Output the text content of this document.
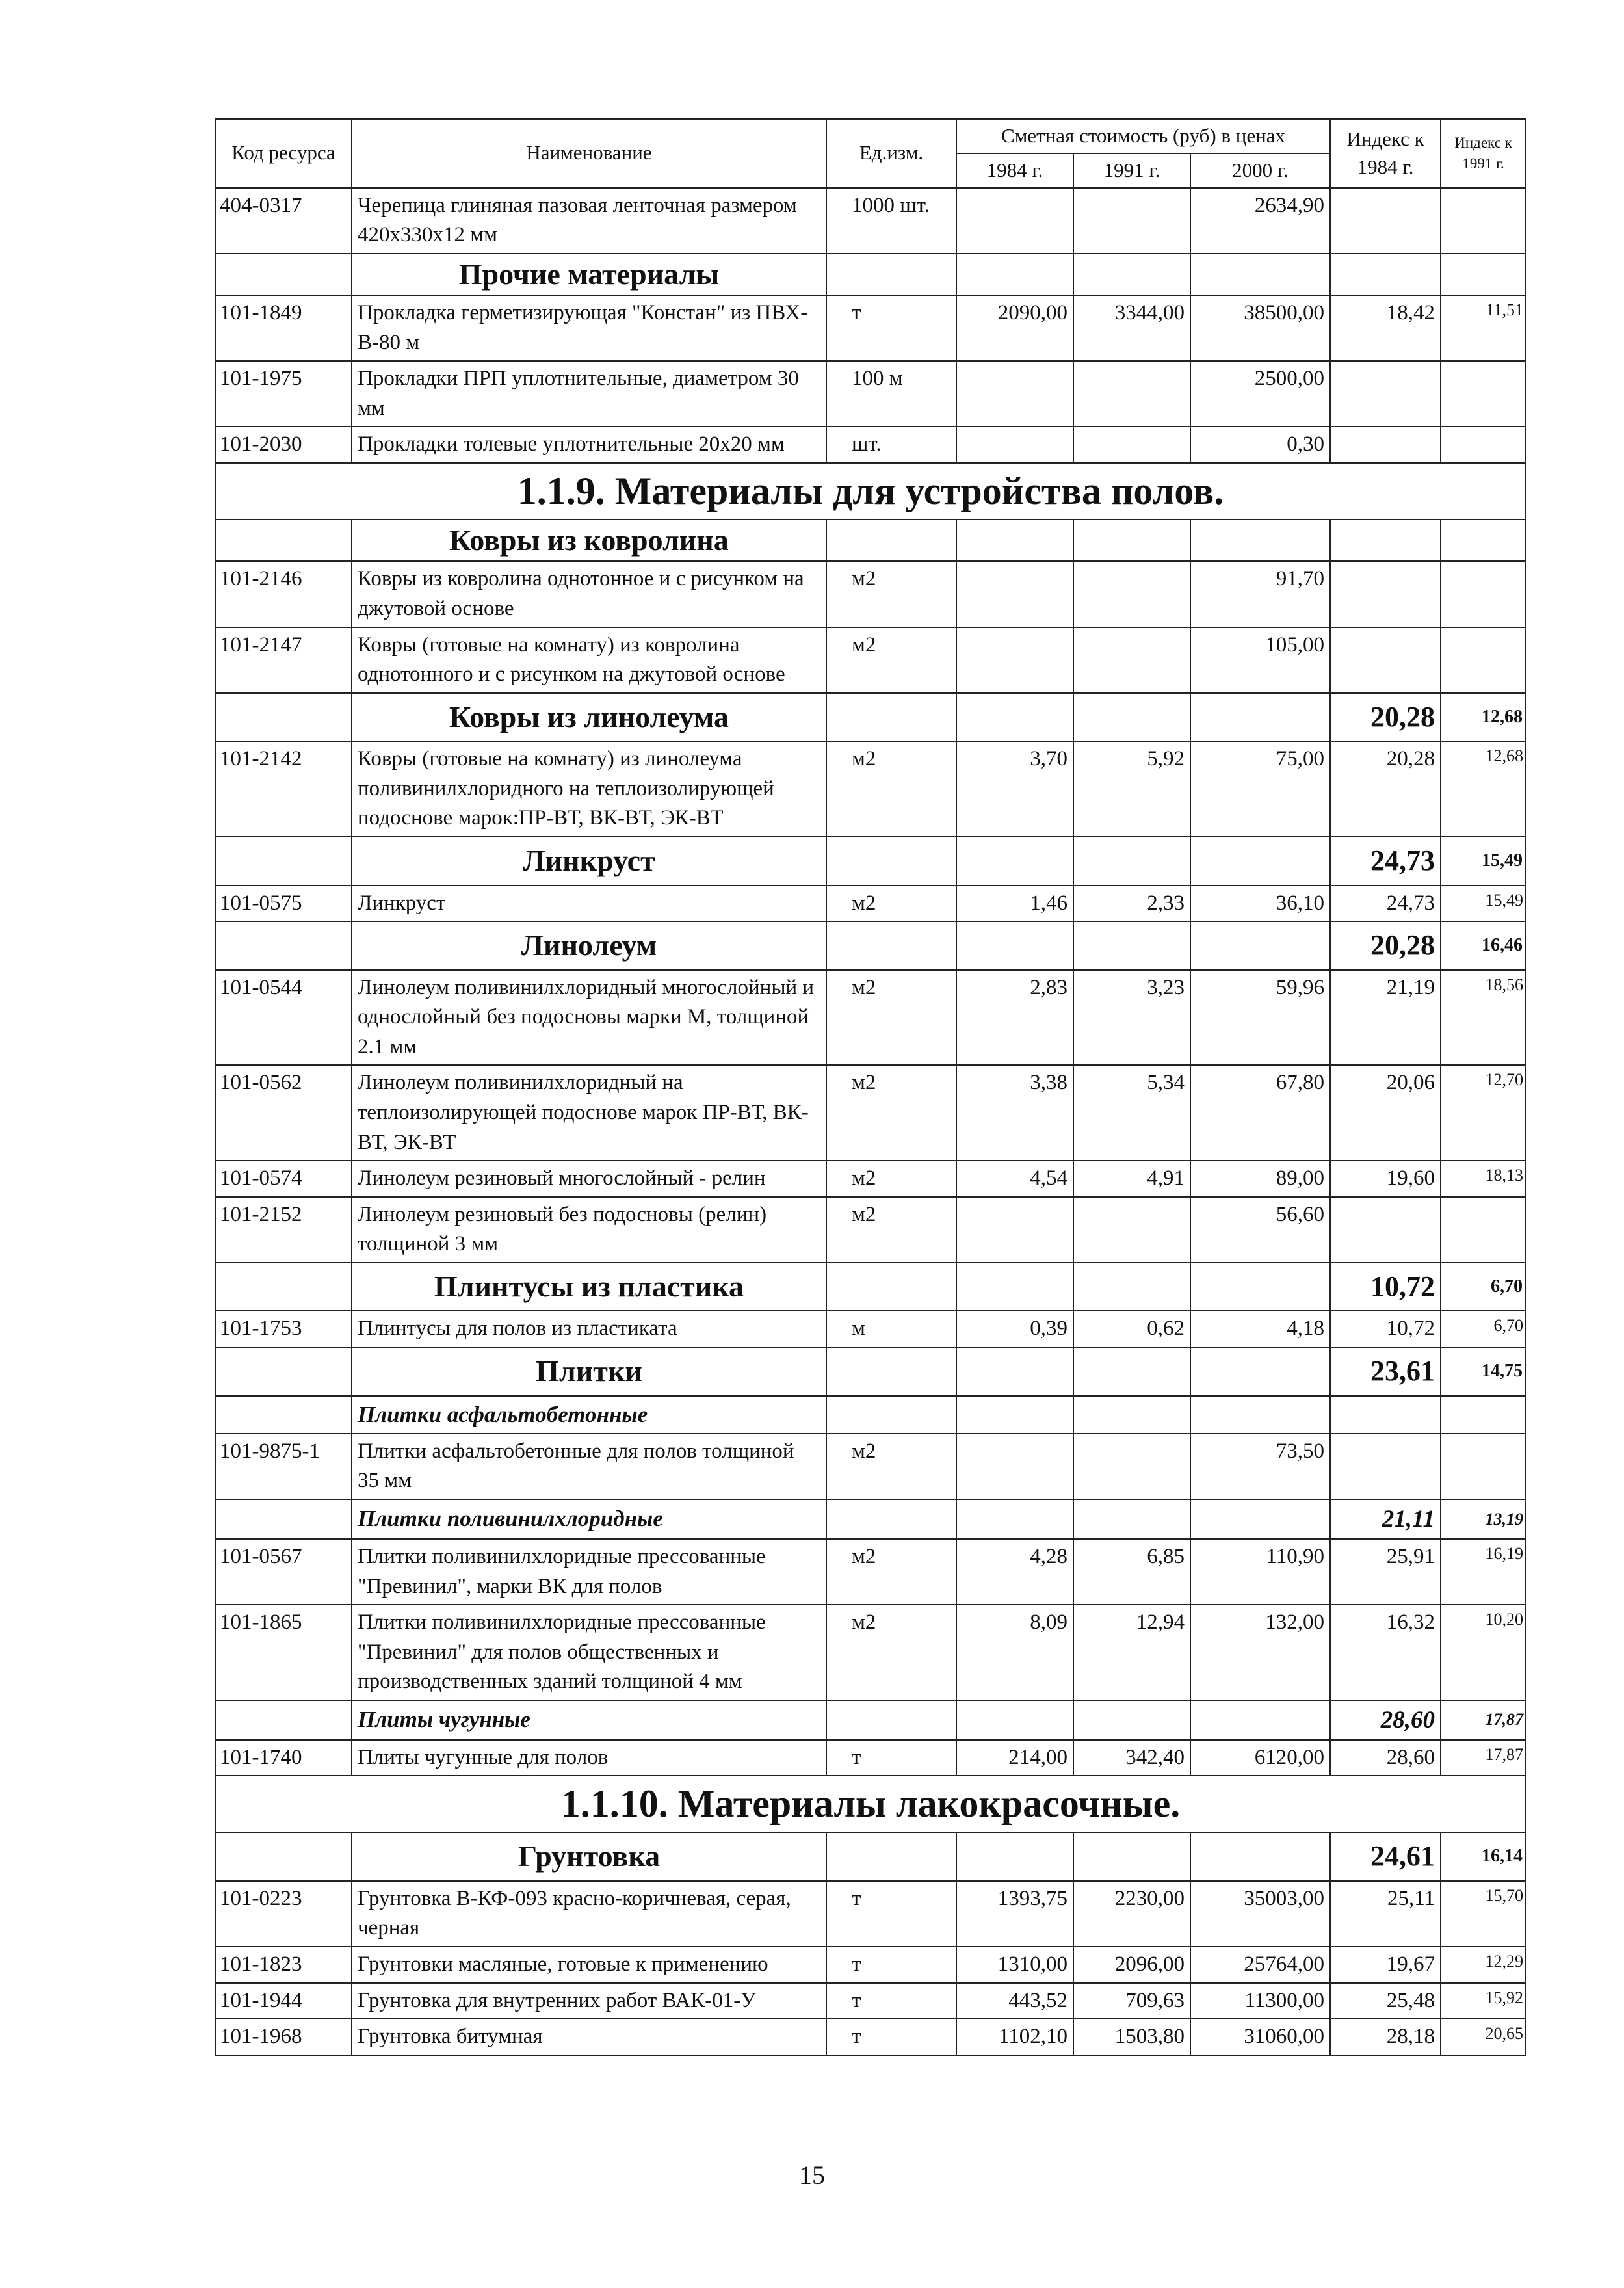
Код ресурса	Наименование	Ед.изм.	Сметная стоимость (руб) в ценах			Индекс к 1984 г.	Индекс к 1991 г.
			1984 г.	1991 г.	2000 г.		
404-0317	Черепица глиняная пазовая ленточная размером 420х330х12 мм	1000 шт.			2634,90		
	Прочие материалы						
101-1849	Прокладка герметизирующая "Констан" из ПВХ-В-80 м	т	2090,00	3344,00	38500,00	18,42	11,51
101-1975	Прокладки ПРП уплотнительные, диаметром 30 мм	100 м			2500,00		
101-2030	Прокладки толевые уплотнительные 20х20 мм	шт.			0,30		
1.1.9. Материалы для устройства полов.							
	Ковры из ковролина						
101-2146	Ковры из ковролина однотонное и с рисунком на джутовой основе	м2			91,70		
101-2147	Ковры (готовые на комнату) из ковролина однотонного и с рисунком на джутовой основе	м2			105,00		
	Ковры из линолеума					20,28	12,68
101-2142	Ковры (готовые на комнату) из линолеума поливинилхлоридного на теплоизолирующей подоснове марок:ПР-ВТ, ВК-ВТ, ЭК-ВТ	м2	3,70	5,92	75,00	20,28	12,68
	Линкруст					24,73	15,49
101-0575	Линкруст	м2	1,46	2,33	36,10	24,73	15,49
	Линолеум					20,28	16,46
101-0544	Линолеум поливинилхлоридный многослойный и однослойный без подосновы марки М, толщиной 2.1 мм	м2	2,83	3,23	59,96	21,19	18,56
101-0562	Линолеум поливинилхлоридный на теплоизолирующей подоснове марок ПР-ВТ, ВК-ВТ, ЭК-ВТ	м2	3,38	5,34	67,80	20,06	12,70
101-0574	Линолеум резиновый многослойный - релин	м2	4,54	4,91	89,00	19,60	18,13
101-2152	Линолеум резиновый без подосновы (релин) толщиной 3 мм	м2			56,60		
	Плинтусы из пластика					10,72	6,70
101-1753	Плинтусы для полов из пластиката	м	0,39	0,62	4,18	10,72	6,70
	Плитки					23,61	14,75
	Плитки асфальтобетонные						
101-9875-1	Плитки асфальтобетонные для полов толщиной 35 мм	м2			73,50		
	Плитки поливинилхлоридные					21,11	13,19
101-0567	Плитки поливинилхлоридные прессованные "Превинил", марки ВК для полов	м2	4,28	6,85	110,90	25,91	16,19
101-1865	Плитки поливинилхлоридные прессованные "Превинил" для полов общественных и производственных зданий толщиной 4 мм	м2	8,09	12,94	132,00	16,32	10,20
	Плиты чугунные					28,60	17,87
101-1740	Плиты чугунные для полов	т	214,00	342,40	6120,00	28,60	17,87
1.1.10. Материалы лакокрасочные.							
	Грунтовка					24,61	16,14
101-0223	Грунтовка В-КФ-093 красно-коричневая, серая, черная	т	1393,75	2230,00	35003,00	25,11	15,70
101-1823	Грунтовки масляные, готовые к применению	т	1310,00	2096,00	25764,00	19,67	12,29
101-1944	Грунтовка для внутренних работ ВАК-01-У	т	443,52	709,63	11300,00	25,48	15,92
101-1968	Грунтовка битумная	т	1102,10	1503,80	31060,00	28,18	20,65
15
